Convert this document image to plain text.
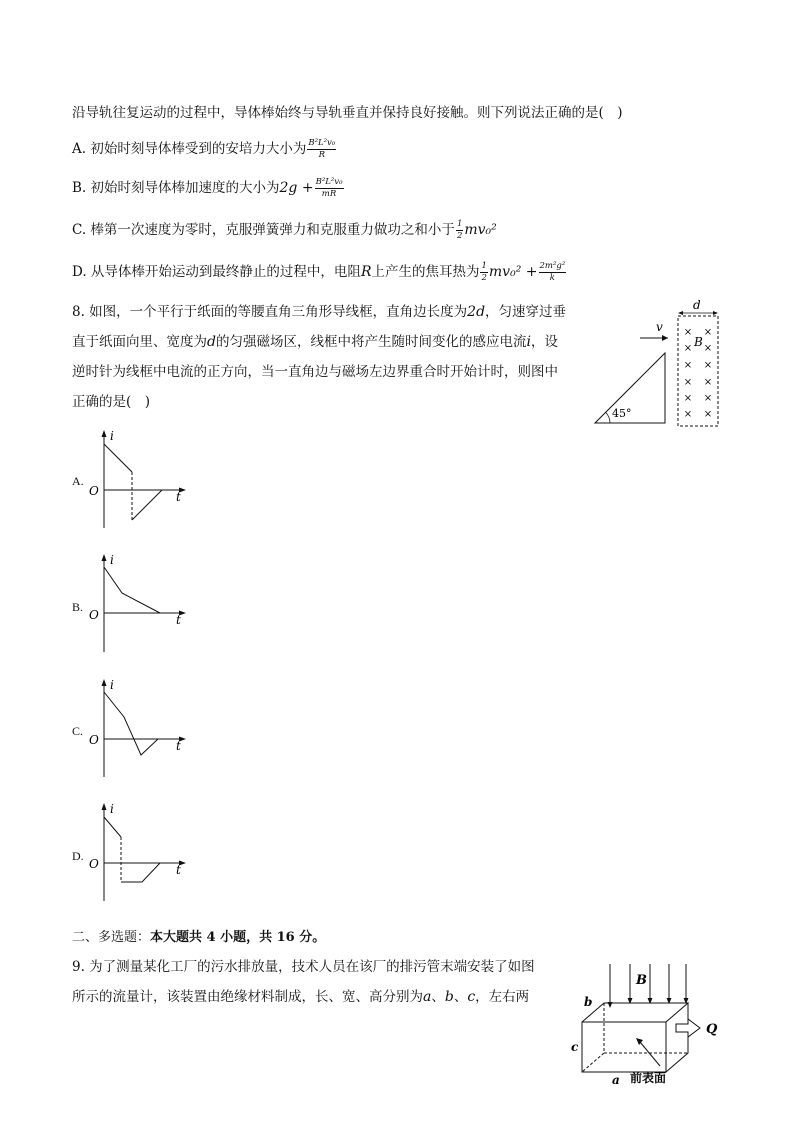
沿导轨往复运动的过程中，导体棒始终与导轨垂直并保持良好接触。则下列说法正确的是(　)
A. 初始时刻导体棒受到的安培力大小为 $\frac{\text{B²L²v₀}}{R}$
B. 初始时刻导体棒加速度的大小为$2g + \frac{\text{B²L²v₀}}{mR}$
C. 棒第一次速度为零时，克服弹簧弹力和克服重力做功之和小于 $\frac{1}{2} mv_0^2$
D. 从导体棒开始运动到最终静止的过程中，电阻R上产生的焦耳热为 $\frac{1}{2} mv_0^2 + \frac{\text{2m²g²}}{k}$
8. 如图，一个平行于纸面的等腰直角三角形导线框，直角边长度为2d，匀速穿过垂
直于纸面向里、宽度为d的匀强磁场区，线框中将产生随时间变化的感应电流i，设
逆时针为线框中电流的正方向，当一直角边与磁场左边界重合时开始计时，则图中
正确的是(　)
45°
v
d
× ×
× ×
× ×
× ×
× ×
× ×
B
A.
i
t
O
B.
i
t
O
C.
i
t
O
D.
i
t
O
二、多选题：本大题共 4 小题，共 16 分。
9. 为了测量某化工厂的污水排放量，技术人员在该厂的排污管末端安装了如图
所示的流量计，该装置由绝缘材料制成，长、宽、高分别为a、b、c，左右两
B
b
c
a
Q
前表面
